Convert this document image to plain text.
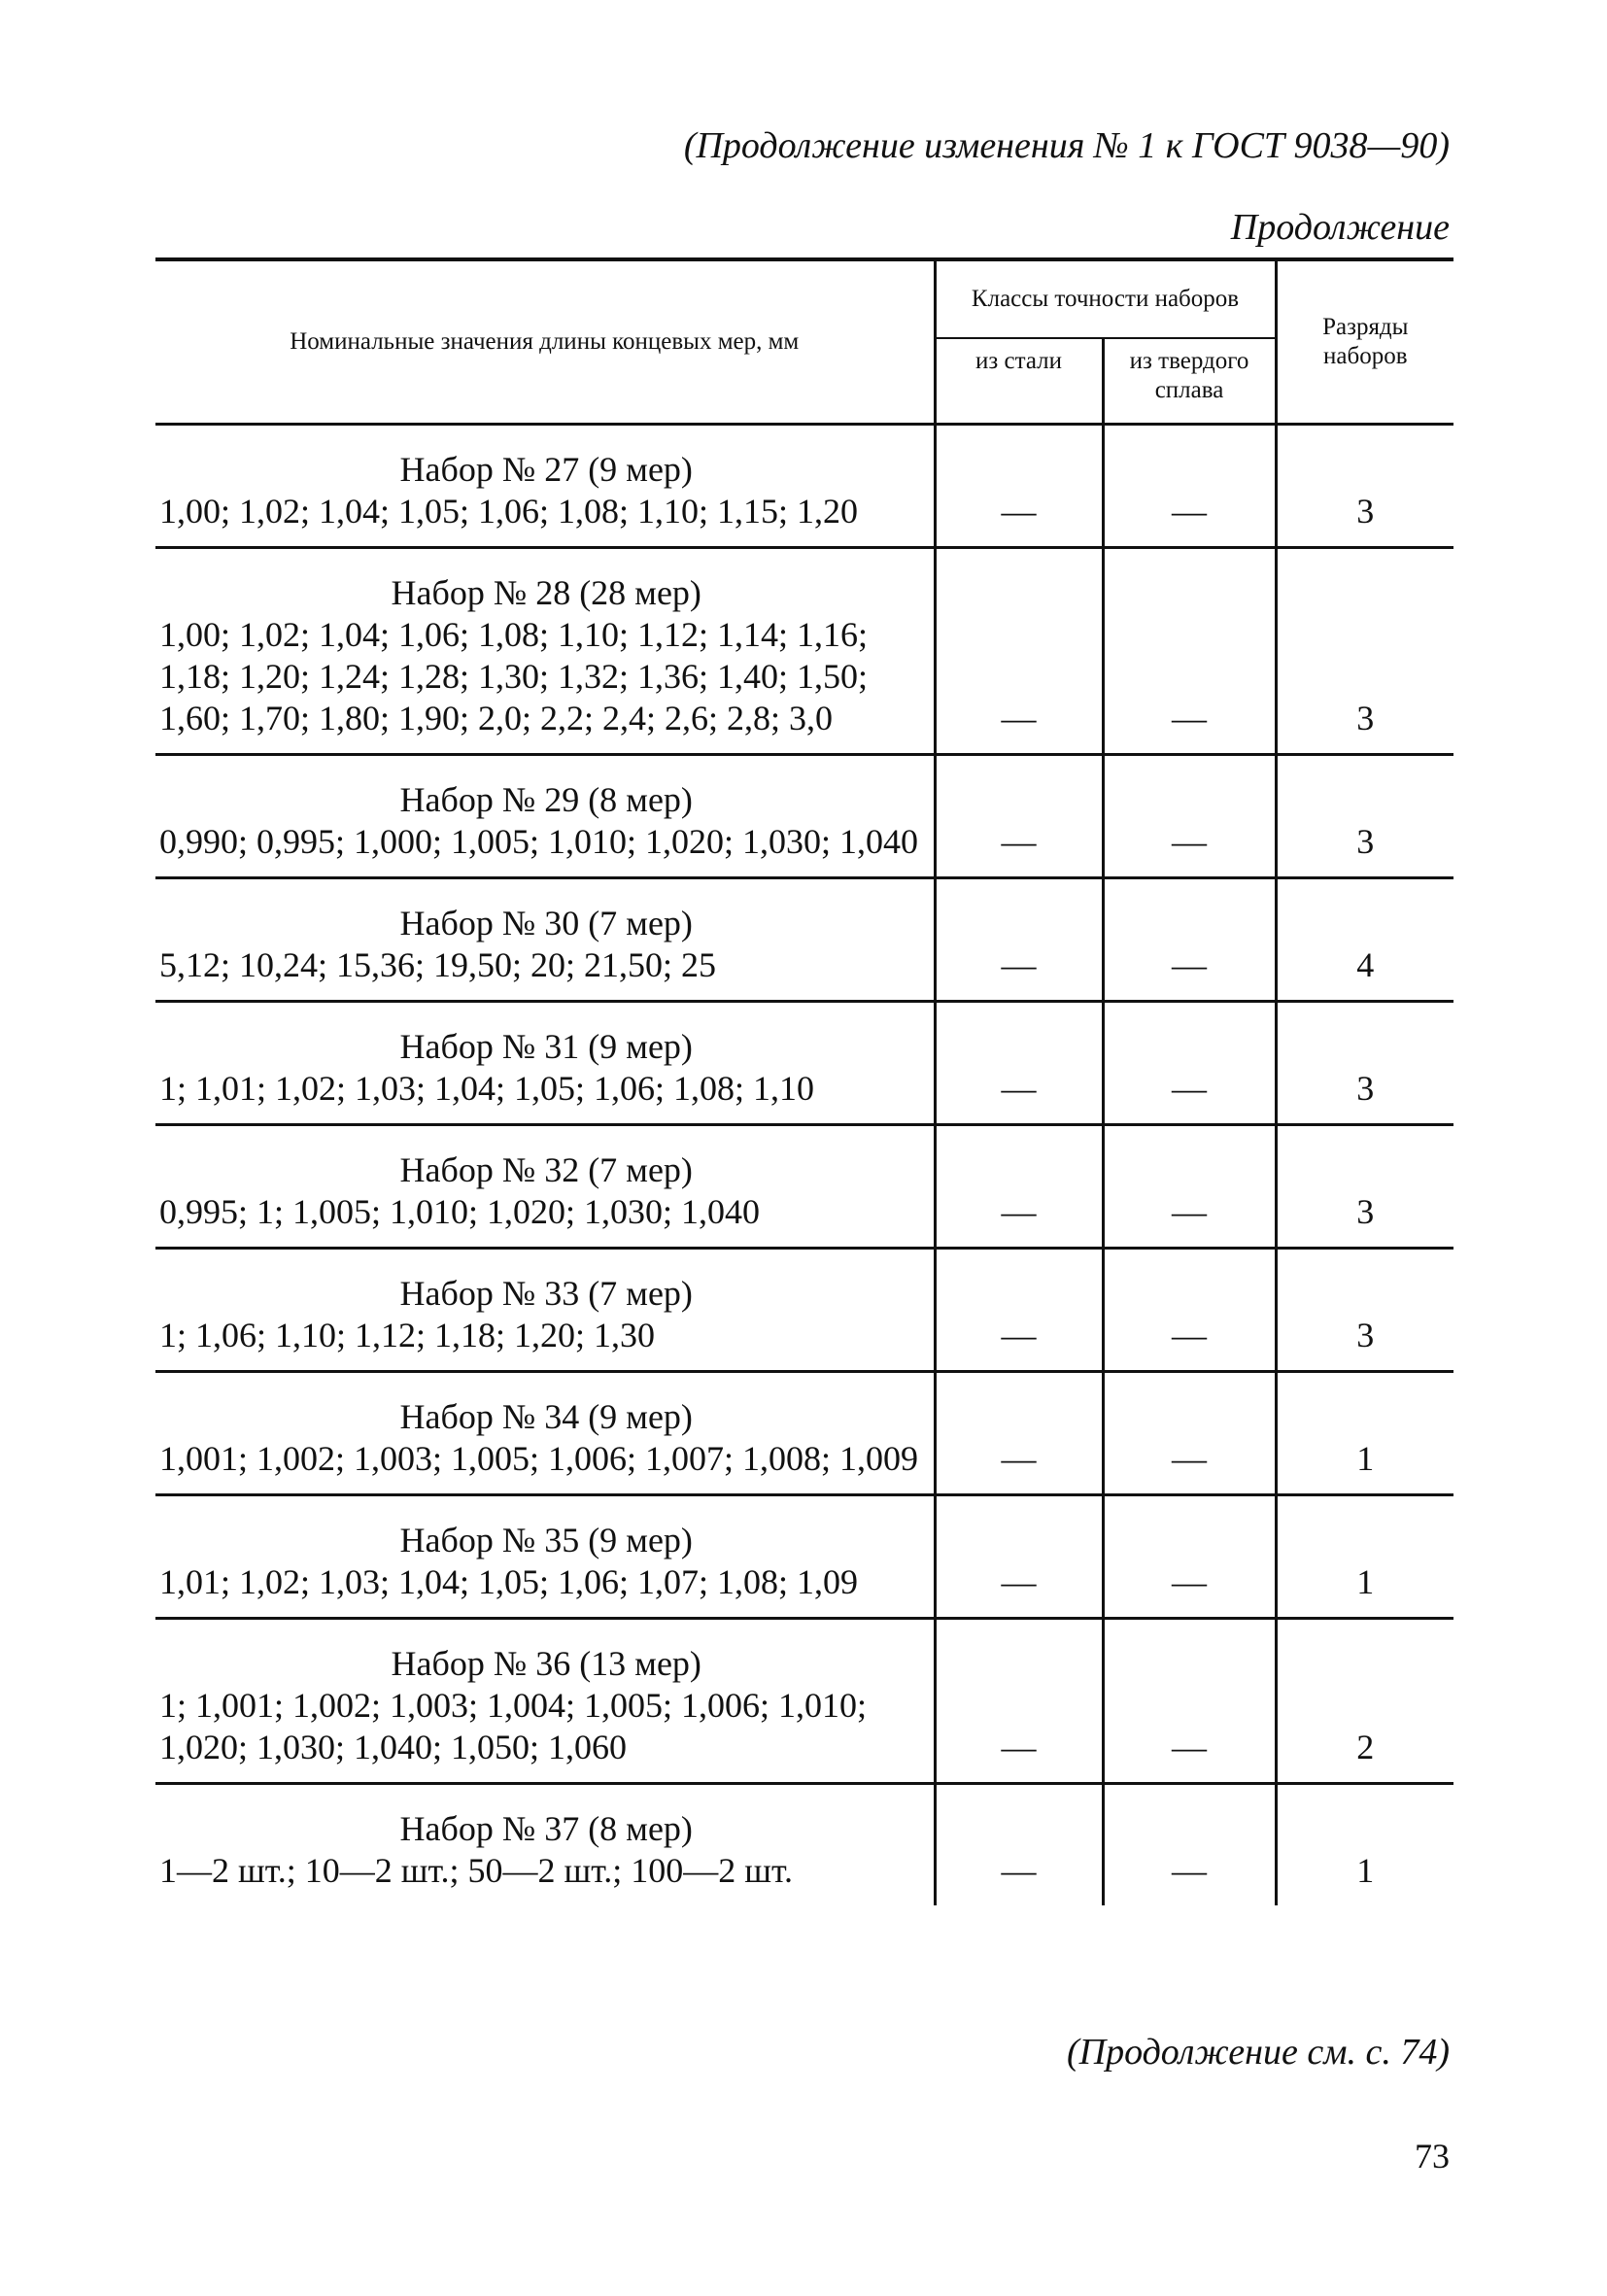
(Продолжение изменения № 1 к ГОСТ 9038—90)
Продолжение
Номинальные значения длины концевых мер, мм	Классы точности наборов		Разряды наборов
	из стали	из твердого сплава	

Набор № 27 (9 мер)
1,00; 1,02; 1,04; 1,05; 1,06; 1,08; 1,10; 1,15; 1,20	—	—	3

Набор № 28 (28 мер)
1,00; 1,02; 1,04; 1,06; 1,08; 1,10; 1,12; 1,14; 1,16; 1,18; 1,20; 1,24; 1,28; 1,30; 1,32; 1,36; 1,40; 1,50; 1,60; 1,70; 1,80; 1,90; 2,0; 2,2; 2,4; 2,6; 2,8; 3,0	—	—	3

Набор № 29 (8 мер)
0,990; 0,995; 1,000; 1,005; 1,010; 1,020; 1,030; 1,040	—	—	3

Набор № 30 (7 мер)
5,12; 10,24; 15,36; 19,50; 20; 21,50; 25	—	—	4

Набор № 31 (9 мер)
1; 1,01; 1,02; 1,03; 1,04; 1,05; 1,06; 1,08; 1,10	—	—	3

Набор № 32 (7 мер)
0,995; 1; 1,005; 1,010; 1,020; 1,030; 1,040	—	—	3

Набор № 33 (7 мер)
1; 1,06; 1,10; 1,12; 1,18; 1,20; 1,30	—	—	3

Набор № 34 (9 мер)
1,001; 1,002; 1,003; 1,005; 1,006; 1,007; 1,008; 1,009	—	—	1

Набор № 35 (9 мер)
1,01; 1,02; 1,03; 1,04; 1,05; 1,06; 1,07; 1,08; 1,09	—	—	1

Набор № 36 (13 мер)
1; 1,001; 1,002; 1,003; 1,004; 1,005; 1,006; 1,010; 1,020; 1,030; 1,040; 1,050; 1,060	—	—	2

Набор № 37 (8 мер)
1—2 шт.; 10—2 шт.; 50—2 шт.; 100—2 шт.	—	—	1
(Продолжение см. с. 74)
73
